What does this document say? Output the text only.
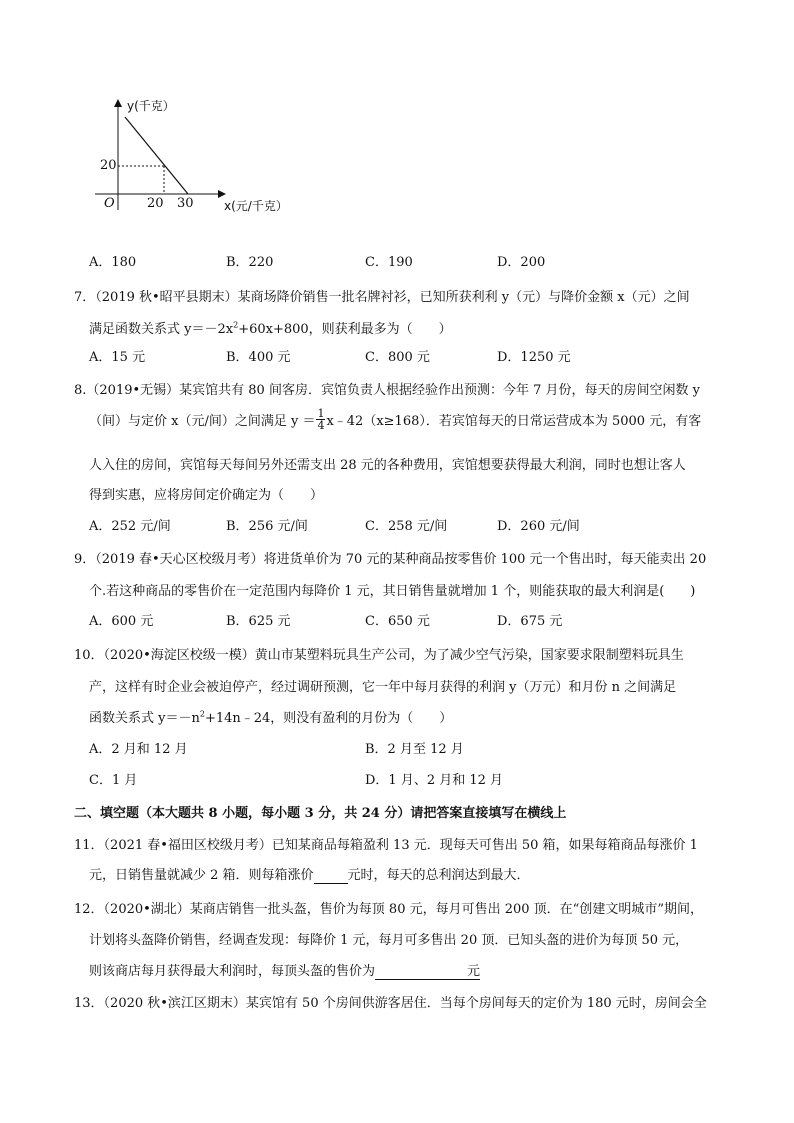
y(千克）
20
O 20 30	x(元/千克）
A．180	B．220	C．190	D．200
7．（2019 秋•昭平县期末）某商场降价销售一批名牌衬衫，已知所获利利 y（元）与降价金额 x（元）之间
满足函数关系式 $y=-2x^2+60x+800$，则获利最多为（　　）
A．15 元	B．400 元	C．800 元	D．1250 元
8.（2019•无锡）某宾馆共有 80 间客房．宾馆负责人根据经验作出预测：今年 7 月份，每天的房间空闲数 y
（间）与定价 x（元/间）之间满足 $y = \frac{1}{4}$ x﹣42（x≥168）．若宾馆每天的日常运营成本为 5000 元，有客
人入住的房间，宾馆每天每间另外还需支出 28 元的各种费用，宾馆想要获得最大利润，同时也想让客人
得到实惠，应将房间定价确定为（　　）
A．252 元/间	B．256 元/间	C．258 元/间	D．260 元/间
9．（2019 春•天心区校级月考）将进货单价为 70 元的某种商品按零售价 100 元一个售出时，每天能卖出 20
个.若这种商品的零售价在一定范围内每降价 1 元，其日销售量就增加 1 个，则能获取的最大利润是(　　)
A．600 元	B．625 元	C．650 元	D．675 元
10．（2020•海淀区校级一模）黄山市某塑料玩具生产公司，为了减少空气污染，国家要求限制塑料玩具生
产，这样有时企业会被迫停产，经过调研预测，它一年中每月获得的利润 y（万元）和月份 n 之间满足
函数关系式 $y=-n^2+14n﹣24$，则没有盈利的月份为（　　）
A．2 月和 12 月	B．2 月至 12 月
C．1 月	D．1 月、2 月和 12 月
二、填空题（本大题共 8 小题，每小题 3 分，共 24 分）请把答案直接填写在横线上
11．（2021 春•福田区校级月考）已知某商品每箱盈利 13 元．现每天可售出 50 箱，如果每箱商品每涨价 1
元，日销售量就减少 2 箱．则每箱涨价	元时，每天的总利润达到最大．
12．（2020•湖北）某商店销售一批头盔，售价为每顶 80 元，每月可售出 200 顶．在“创建文明城市”期间，
计划将头盔降价销售，经调查发现：每降价 1 元，每月可多售出 20 顶．已知头盔的进价为每顶 50 元，
则该商店每月获得最大利润时，每顶头盔的售价为	元
13．（2020 秋•滨江区期末）某宾馆有 50 个房间供游客居住．当每个房间每天的定价为 180 元时，房间会全
